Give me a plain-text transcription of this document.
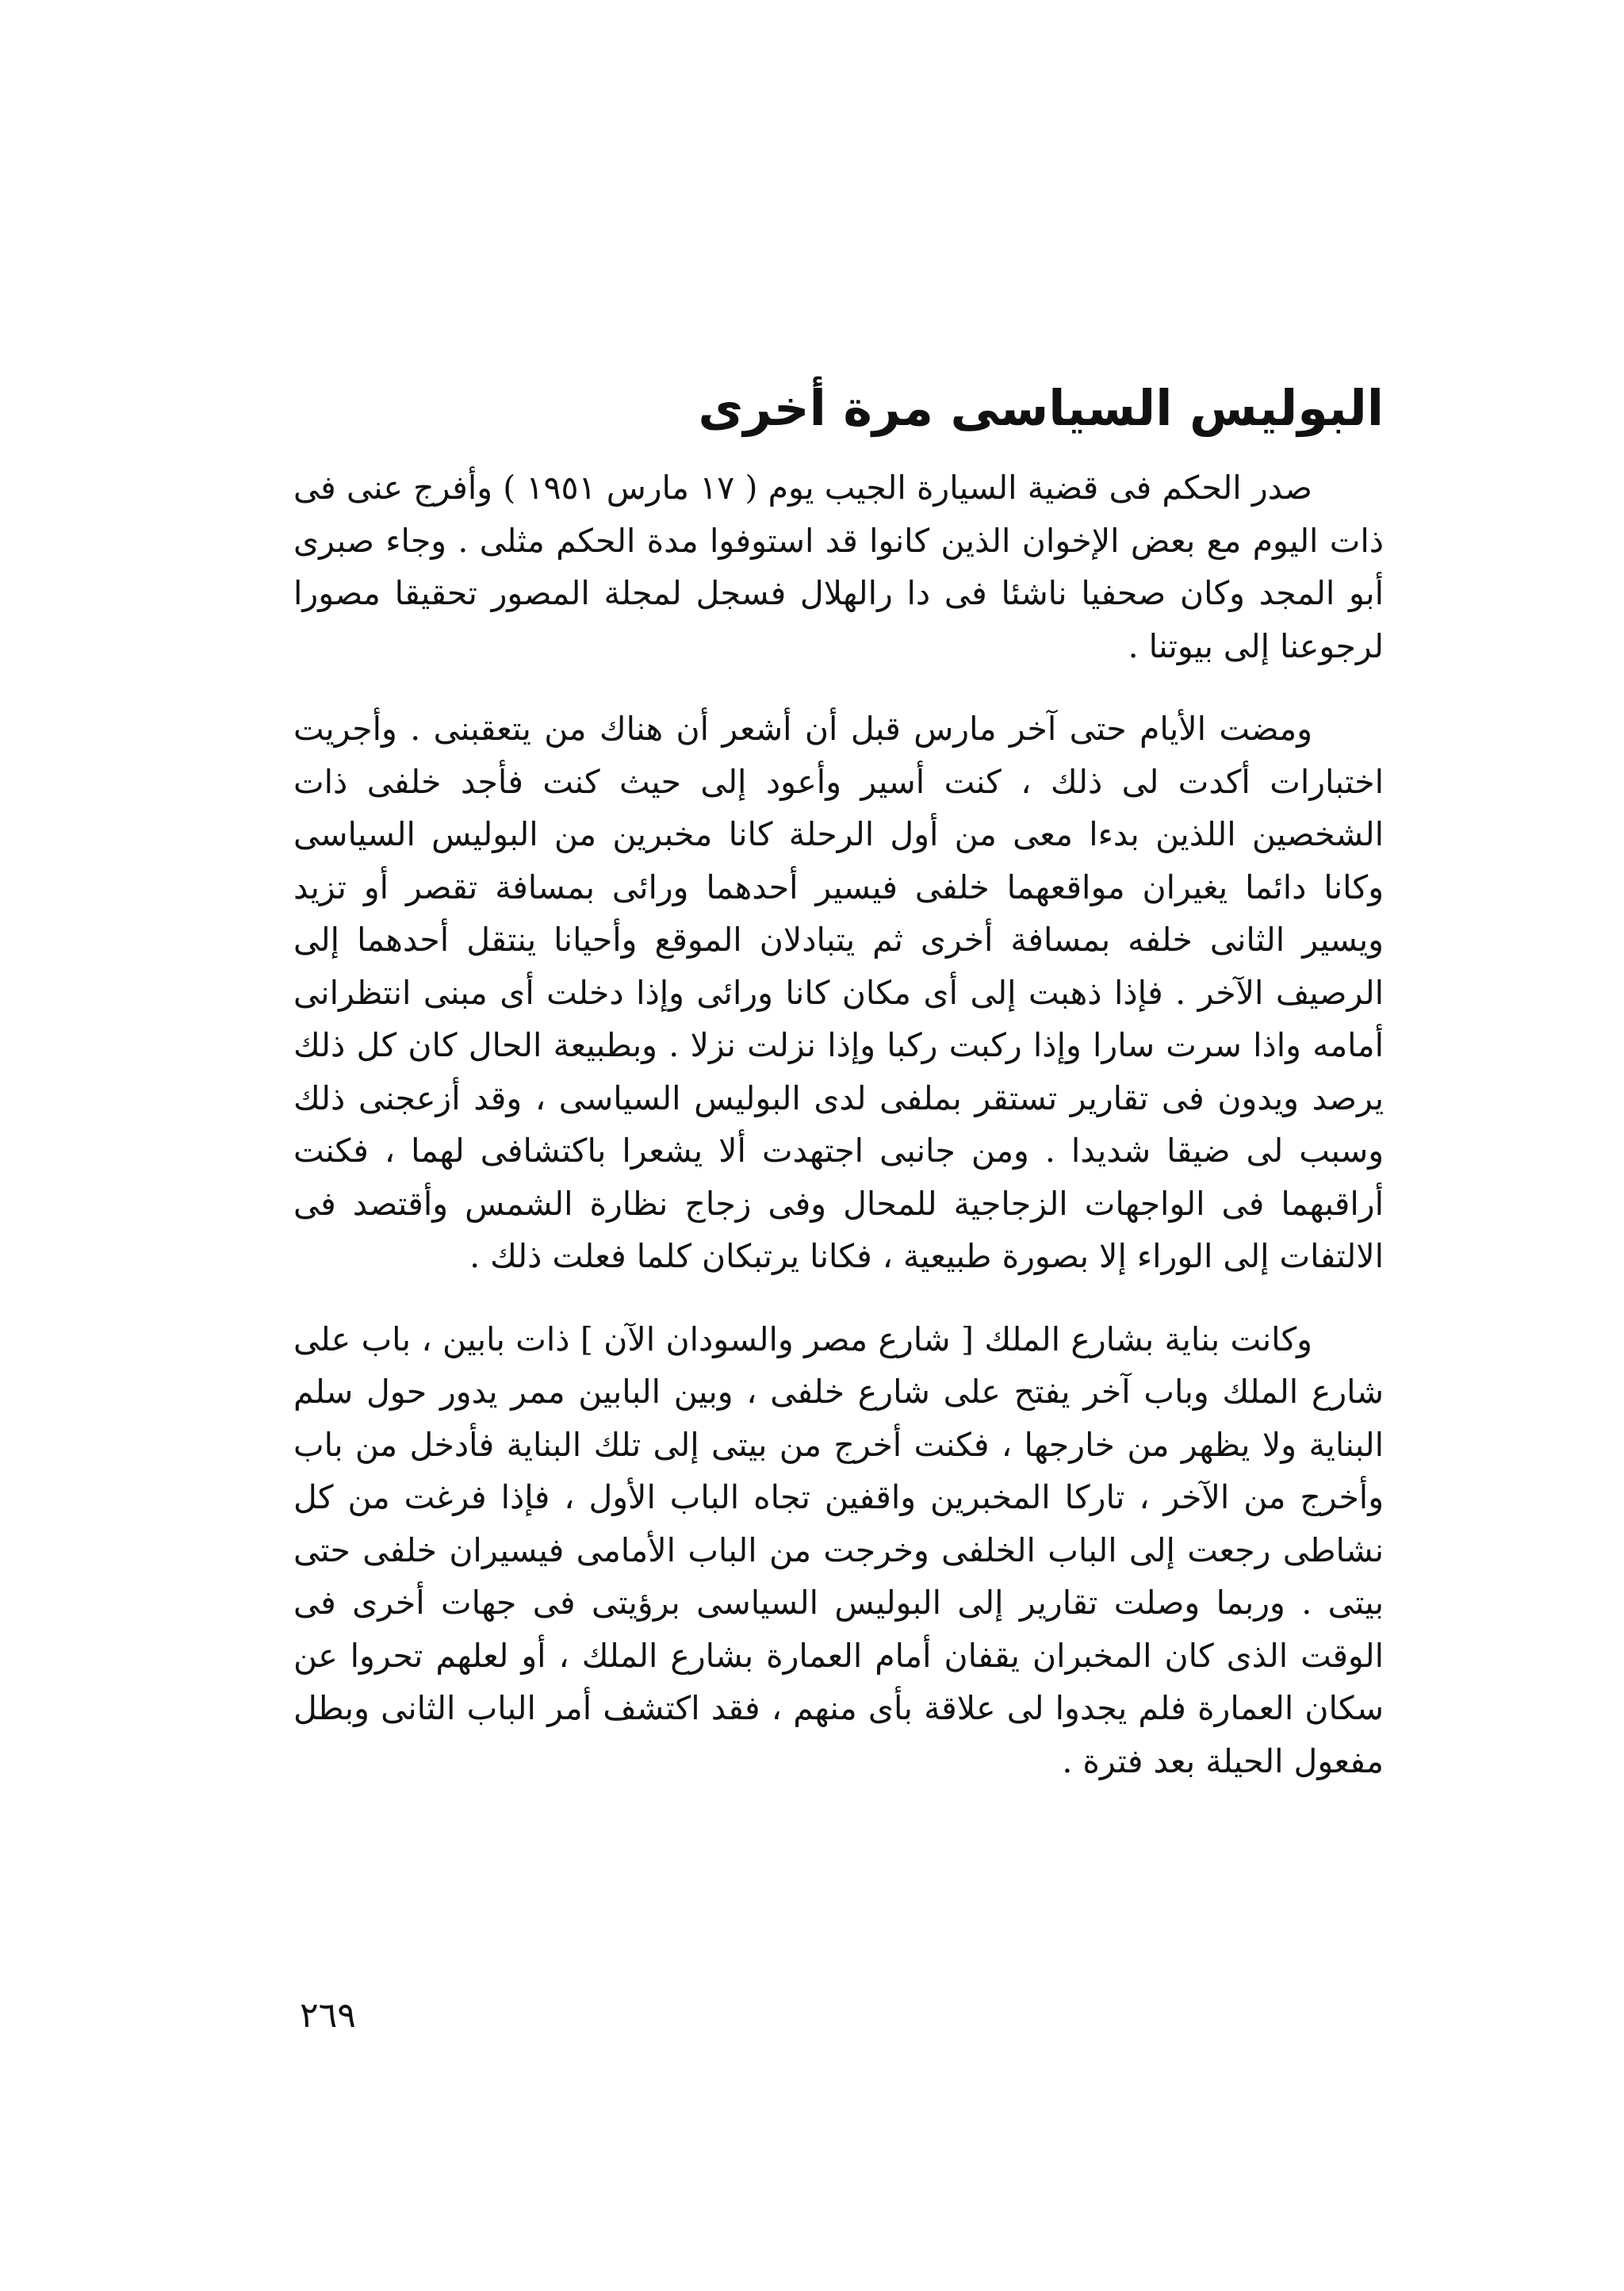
البوليس السياسى مرة أخرى

صدر الحكم فى قضية السيارة الجيب يوم ( ١٧ مارس ١٩٥١ ) وأفرج عنى فى ذات اليوم مع بعض الإخوان الذين كانوا قد استوفوا مدة الحكم مثلى . وجاء صبرى أبو المجد وكان صحفيا ناشئا فى دا رالهلال فسجل لمجلة المصور تحقيقا مصورا لرجوعنا إلى بيوتنا .

ومضت الأيام حتى آخر مارس قبل أن أشعر أن هناك من يتعقبنى . وأجريت اختبارات أكدت لى ذلك ، كنت أسير وأعود إلى حيث كنت فأجد خلفى ذات الشخصين اللذين بدءا معى من أول الرحلة كانا مخبرين من البوليس السياسى وكانا دائما يغيران مواقعهما خلفى فيسير أحدهما ورائى بمسافة تقصر أو تزيد ويسير الثانى خلفه بمسافة أخرى ثم يتبادلان الموقع وأحيانا ينتقل أحدهما إلى الرصيف الآخر . فإذا ذهبت إلى أى مكان كانا ورائى وإذا دخلت أى مبنى انتظرانى أمامه واذا سرت سارا وإذا ركبت ركبا وإذا نزلت نزلا . وبطبيعة الحال كان كل ذلك يرصد ويدون فى تقارير تستقر بملفى لدى البوليس السياسى ، وقد أزعجنى ذلك وسبب لى ضيقا شديدا . ومن جانبى اجتهدت ألا يشعرا باكتشافى لهما ، فكنت أراقبهما فى الواجهات الزجاجية للمحال وفى زجاج نظارة الشمس وأقتصد فى الالتفات إلى الوراء إلا بصورة طبيعية ، فكانا يرتبكان كلما فعلت ذلك .

وكانت بناية بشارع الملك [ شارع مصر والسودان الآن ] ذات بابين ، باب على شارع الملك وباب آخر يفتح على شارع خلفى ، وبين البابين ممر يدور حول سلم البناية ولا يظهر من خارجها ، فكنت أخرج من بيتى إلى تلك البناية فأدخل من باب وأخرج من الآخر ، تاركا المخبرين واقفين تجاه الباب الأول ، فإذا فرغت من كل نشاطى رجعت إلى الباب الخلفى وخرجت من الباب الأمامى فيسيران خلفى حتى بيتى . وربما وصلت تقارير إلى البوليس السياسى برؤيتى فى جهات أخرى فى الوقت الذى كان المخبران يقفان أمام العمارة بشارع الملك ، أو لعلهم تحروا عن سكان العمارة فلم يجدوا لى علاقة بأى منهم ، فقد اكتشف أمر الباب الثانى وبطل مفعول الحيلة بعد فترة .

٢٦٩
